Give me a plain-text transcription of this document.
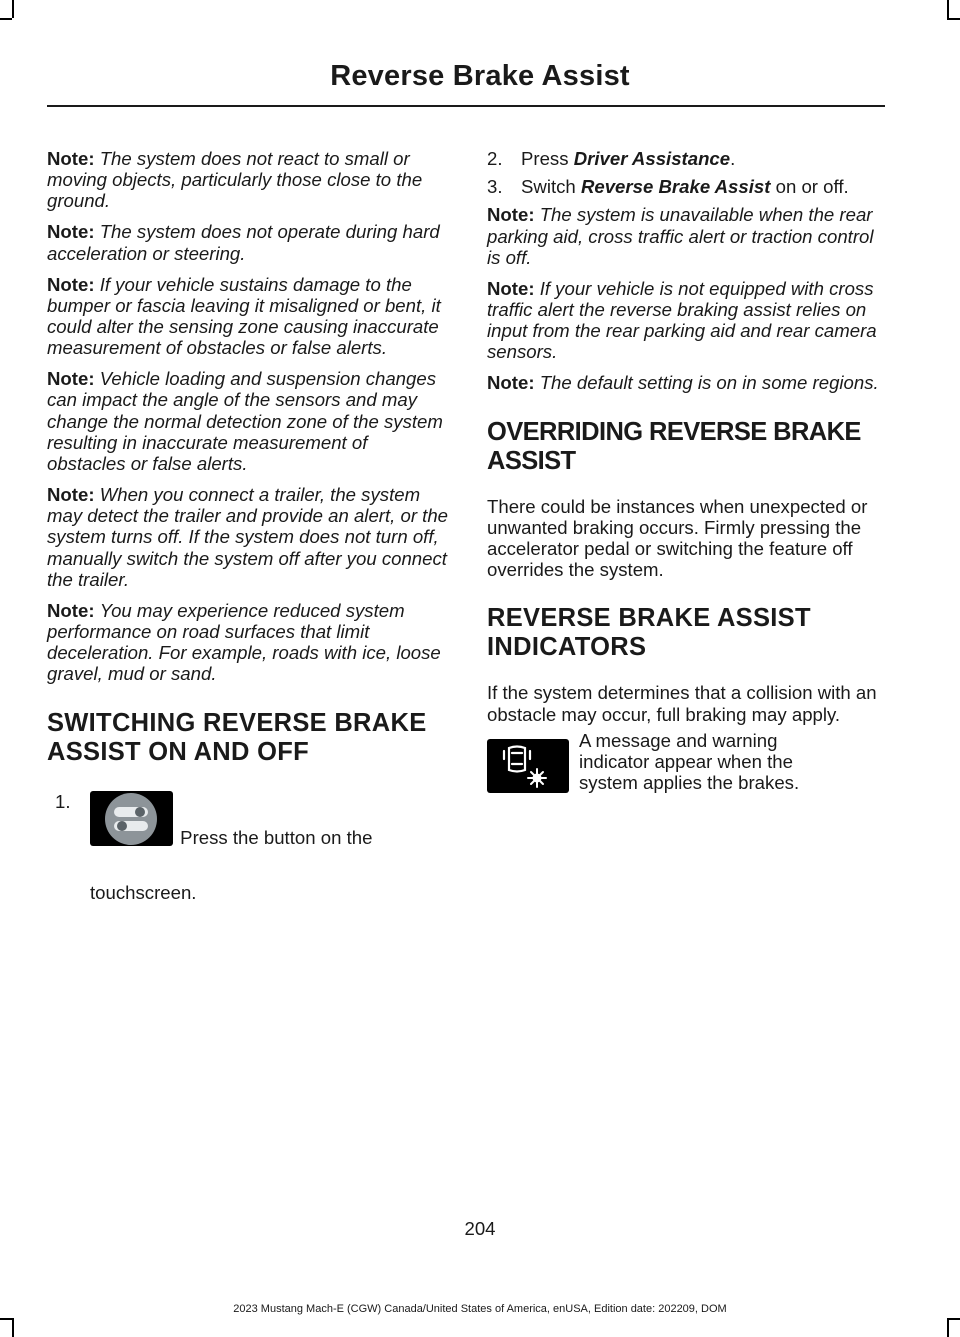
Reverse Brake Assist

Note: The system does not react to small or moving objects, particularly those close to the ground.

Note: The system does not operate during hard acceleration or steering.

Note: If your vehicle sustains damage to the bumper or fascia leaving it misaligned or bent, it could alter the sensing zone causing inaccurate measurement of obstacles or false alerts.

Note: Vehicle loading and suspension changes can impact the angle of the sensors and may change the normal detection zone of the system resulting in inaccurate measurement of obstacles or false alerts.

Note: When you connect a trailer, the system may detect the trailer and provide an alert, or the system turns off. If the system does not turn off, manually switch the system off after you connect the trailer.

Note: You may experience reduced system performance on road surfaces that limit deceleration. For example, roads with ice, loose gravel, mud or sand.

SWITCHING REVERSE BRAKE
ASSIST ON AND OFF
1.
Press the button on the touchscreen.
2. Press Driver Assistance.
3. Switch Reverse Brake Assist on or off.

Note: The system is unavailable when the rear parking aid, cross traffic alert or traction control is off.

Note: If your vehicle is not equipped with cross traffic alert the reverse braking assist relies on input from the rear parking aid and rear camera sensors.

Note: The default setting is on in some regions.

OVERRIDING REVERSE BRAKE
ASSIST

There could be instances when unexpected or unwanted braking occurs. Firmly pressing the accelerator pedal or switching the feature off overrides the system.

REVERSE BRAKE ASSIST
INDICATORS

If the system determines that a collision with an obstacle may occur, full braking may apply.

A message and warning indicator appear when the system applies the brakes.

204
2023 Mustang Mach-E (CGW) Canada/United States of America, enUSA, Edition date: 202209, DOM
